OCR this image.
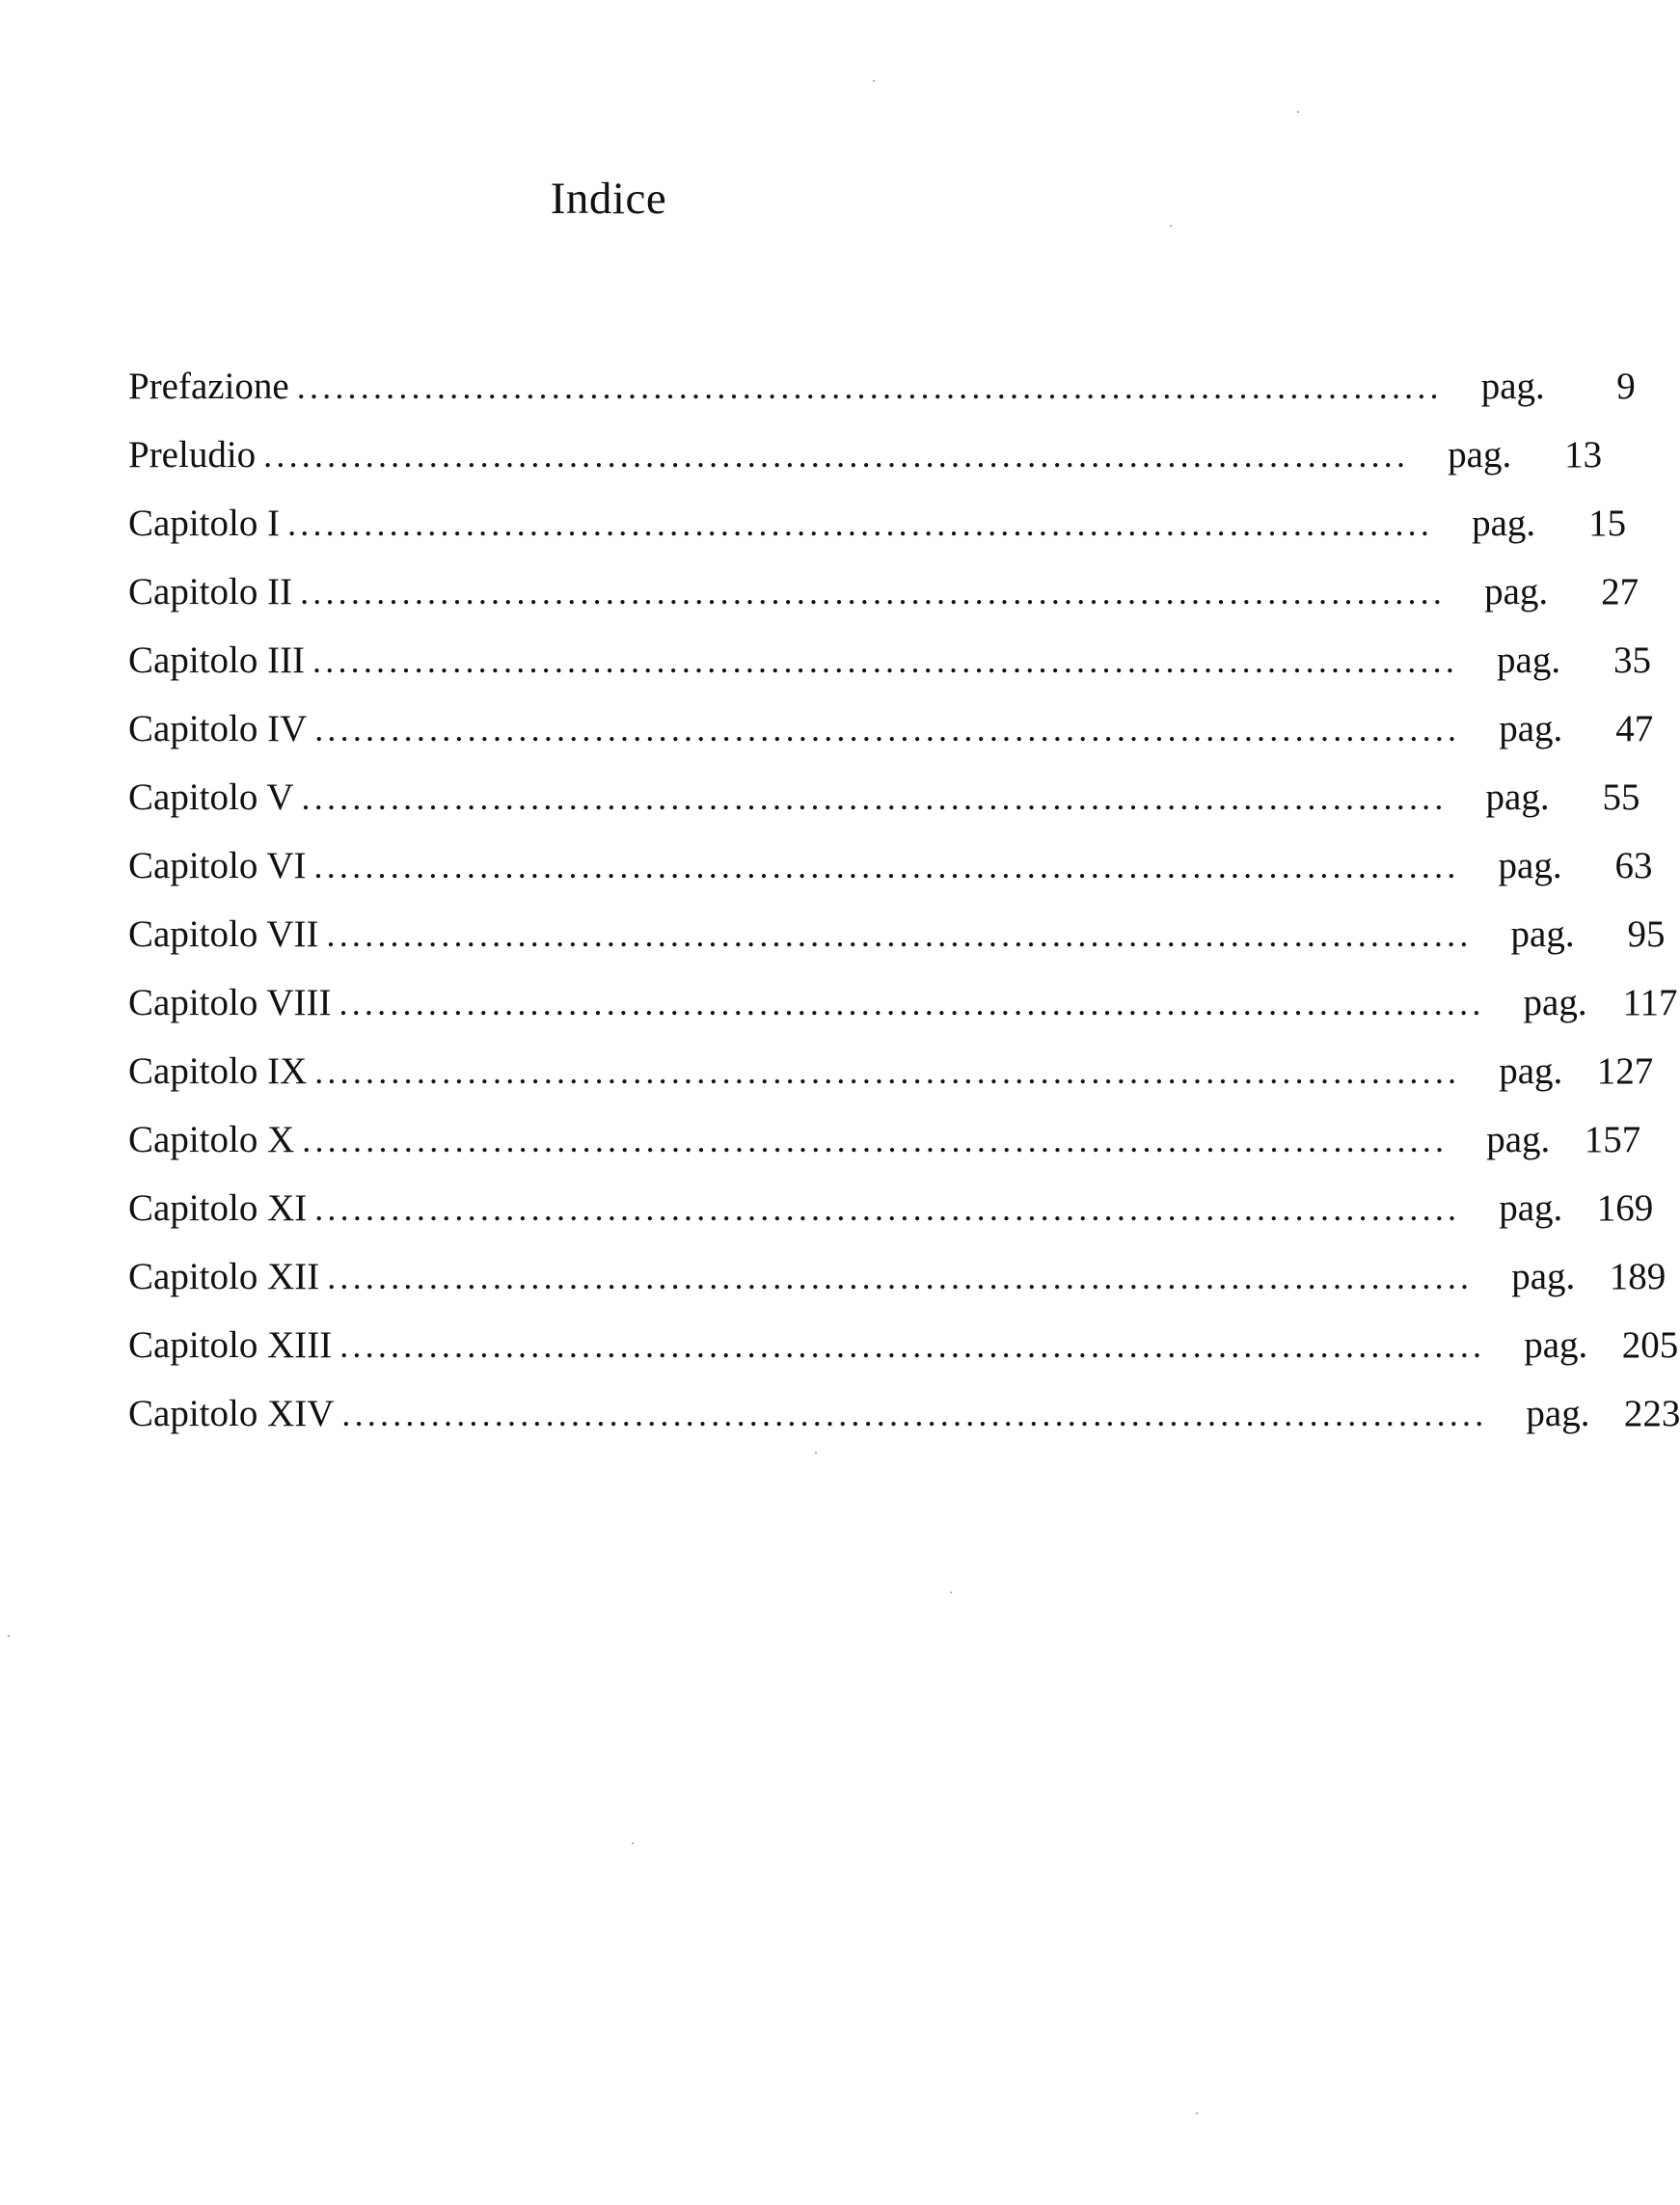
Indice
Prefazione .......................................................................................... pag.	9
Preludio .......................................................................................... pag.	13
Capitolo I .......................................................................................... pag.	15
Capitolo II .......................................................................................... pag.	27
Capitolo III .......................................................................................... pag.	35
Capitolo IV .......................................................................................... pag.	47
Capitolo V .......................................................................................... pag.	55
Capitolo VI .......................................................................................... pag.	63
Capitolo VII .......................................................................................... pag.	95
Capitolo VIII .......................................................................................... pag. 117
Capitolo IX .......................................................................................... pag. 127
Capitolo X .......................................................................................... pag. 157
Capitolo XI .......................................................................................... pag. 169
Capitolo XII .......................................................................................... pag. 189
Capitolo XIII .......................................................................................... pag. 205
Capitolo XIV .......................................................................................... pag. 223
